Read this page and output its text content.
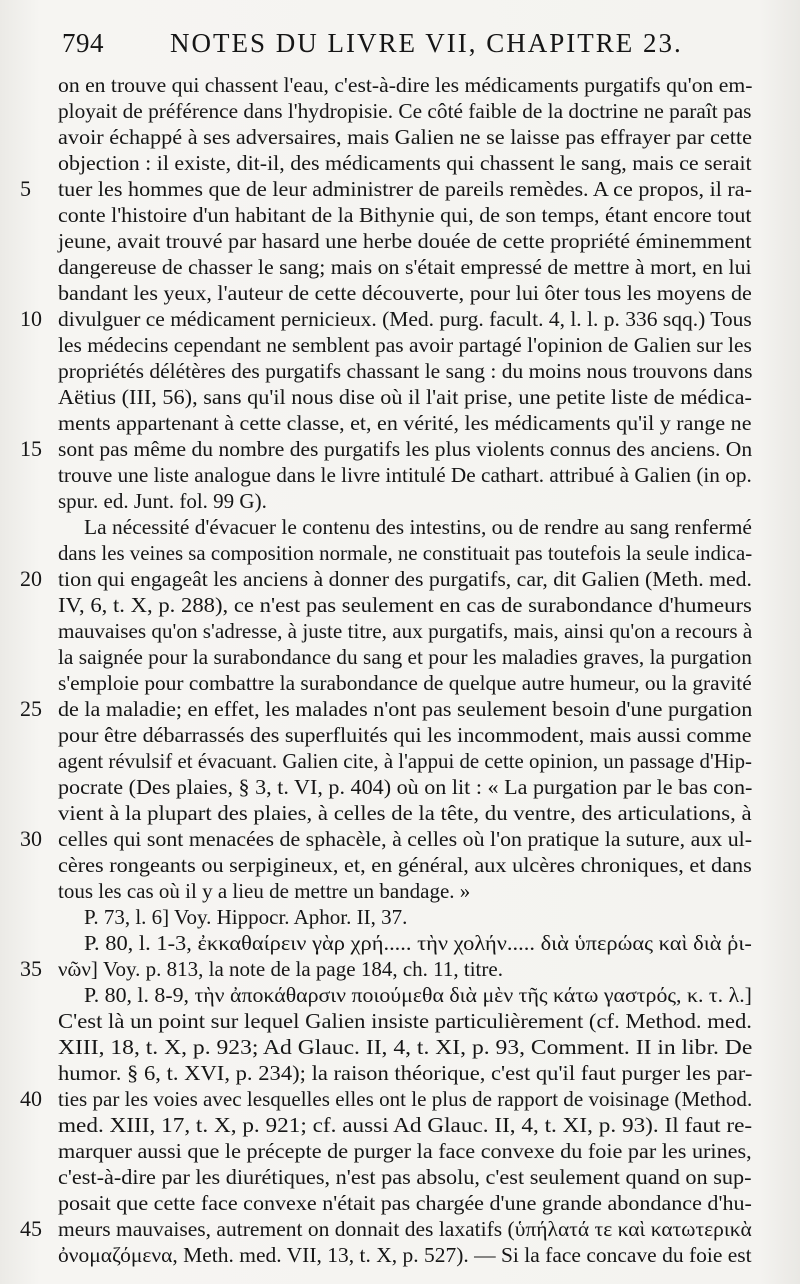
794 NOTES DU LIVRE VII, CHAPITRE 23.
on en trouve qui chassent l'eau, c'est-à-dire les médicaments purgatifs qu'on em-
ployait de préférence dans l'hydropisie. Ce côté faible de la doctrine ne paraît pas
avoir échappé à ses adversaires, mais Galien ne se laisse pas effrayer par cette
objection : il existe, dit-il, des médicaments qui chassent le sang, mais ce serait
5	tuer les hommes que de leur administrer de pareils remèdes. A ce propos, il ra-
conte l'histoire d'un habitant de la Bithynie qui, de son temps, étant encore tout
jeune, avait trouvé par hasard une herbe douée de cette propriété éminemment
dangereuse de chasser le sang; mais on s'était empressé de mettre à mort, en lui
bandant les yeux, l'auteur de cette découverte, pour lui ôter tous les moyens de
10 divulguer ce médicament pernicieux. (Med. purg. facult. 4, l. l. p. 336 sqq.) Tous
les médecins cependant ne semblent pas avoir partagé l'opinion de Galien sur les
propriétés délétères des purgatifs chassant le sang : du moins nous trouvons dans
Aëtius (III, 56), sans qu'il nous dise où il l'ait prise, une petite liste de médica-
ments appartenant à cette classe, et, en vérité, les médicaments qu'il y range ne
15 sont pas même du nombre des purgatifs les plus violents connus des anciens. On
trouve une liste analogue dans le livre intitulé De cathart. attribué à Galien (in op.
spur. ed. Junt. fol. 99 G).
La nécessité d'évacuer le contenu des intestins, ou de rendre au sang renfermé
dans les veines sa composition normale, ne constituait pas toutefois la seule indica-
20 tion qui engageât les anciens à donner des purgatifs, car, dit Galien (Meth. med.
IV, 6, t. X, p. 288), ce n'est pas seulement en cas de surabondance d'humeurs
mauvaises qu'on s'adresse, à juste titre, aux purgatifs, mais, ainsi qu'on a recours à
la saignée pour la surabondance du sang et pour les maladies graves, la purgation
s'emploie pour combattre la surabondance de quelque autre humeur, ou la gravité
25 de la maladie; en effet, les malades n'ont pas seulement besoin d'une purgation
pour être débarrassés des superfluités qui les incommodent, mais aussi comme
agent révulsif et évacuant. Galien cite, à l'appui de cette opinion, un passage d'Hip-
pocrate (Des plaies, § 3, t. VI, p. 404) où on lit : « La purgation par le bas con-
vient à la plupart des plaies, à celles de la tête, du ventre, des articulations, à
30 celles qui sont menacées de sphacèle, à celles où l'on pratique la suture, aux ul-
cères rongeants ou serpigineux, et, en général, aux ulcères chroniques, et dans
tous les cas où il y a lieu de mettre un bandage. »
P. 73, l. 6] Voy. Hippocr. Aphor. II, 37.
P. 80, l. 1-3, ἐκκαθαίρειν γὰρ χρή..... τὴν χολήν..... διὰ ὑπερώας καὶ διὰ ῥι-
35 νῶν] Voy. p. 813, la note de la page 184, ch. 11, titre.
P. 80, l. 8-9, τὴν ἀποκάθαρσιν ποιούμεθα διὰ μὲν τῆς κάτω γαστρός, κ. τ. λ.]
C'est là un point sur lequel Galien insiste particulièrement (cf. Method. med.
XIII, 18, t. X, p. 923; Ad Glauc. II, 4, t. XI, p. 93, Comment. II in libr. De
humor. § 6, t. XVI, p. 234); la raison théorique, c'est qu'il faut purger les par-
40 ties par les voies avec lesquelles elles ont le plus de rapport de voisinage (Method.
med. XIII, 17, t. X, p. 921; cf. aussi Ad Glauc. II, 4, t. XI, p. 93). Il faut re-
marquer aussi que le précepte de purger la face convexe du foie par les urines,
c'est-à-dire par les diurétiques, n'est pas absolu, c'est seulement quand on sup-
posait que cette face convexe n'était pas chargée d'une grande abondance d'hu-
45 meurs mauvaises, autrement on donnait des laxatifs (ὑπήλατά τε καὶ κατωτερικὰ
ὀνομαζόμενα, Meth. med. VII, 13, t. X, p. 527). — Si la face concave du foie est
